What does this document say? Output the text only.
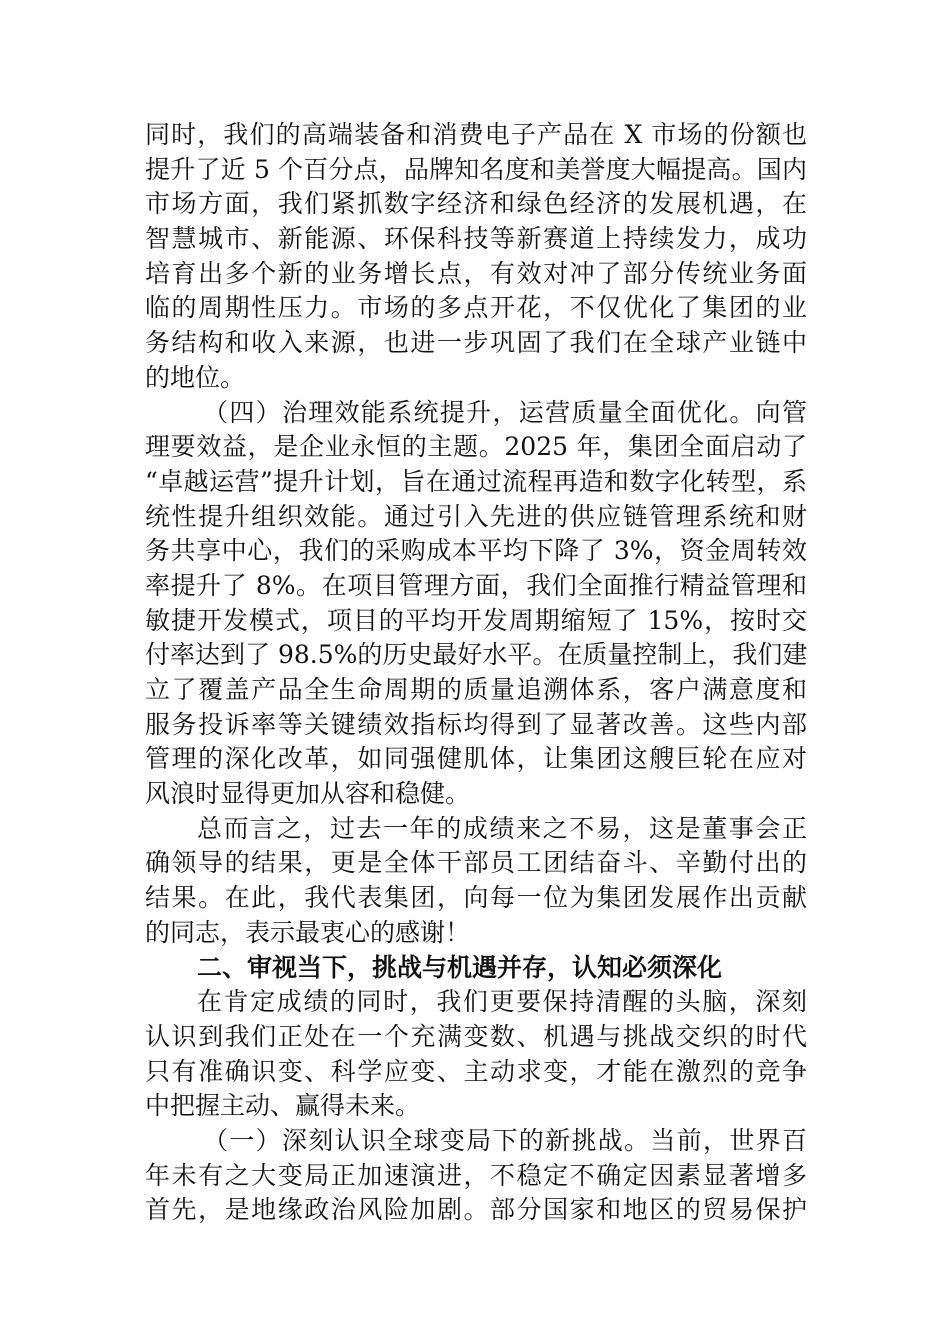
同时，我们的高端装备和消费电子产品在 X 市场的份额也
提升了近 5 个百分点，品牌知名度和美誉度大幅提高。国内
市场方面，我们紧抓数字经济和绿色经济的发展机遇，在
智慧城市、新能源、环保科技等新赛道上持续发力，成功
培育出多个新的业务增长点，有效对冲了部分传统业务面
临的周期性压力。市场的多点开花，不仅优化了集团的业
务结构和收入来源，也进一步巩固了我们在全球产业链中
的地位。
（四）治理效能系统提升，运营质量全面优化。向管
理要效益，是企业永恒的主题。2025 年，集团全面启动了
“卓越运营”提升计划，旨在通过流程再造和数字化转型，系
统性提升组织效能。通过引入先进的供应链管理系统和财
务共享中心，我们的采购成本平均下降了 3%，资金周转效
率提升了 8%。在项目管理方面，我们全面推行精益管理和
敏捷开发模式，项目的平均开发周期缩短了 15%，按时交
付率达到了 98.5%的历史最好水平。在质量控制上，我们建
立了覆盖产品全生命周期的质量追溯体系，客户满意度和
服务投诉率等关键绩效指标均得到了显著改善。这些内部
管理的深化改革，如同强健肌体，让集团这艘巨轮在应对
风浪时显得更加从容和稳健。
总而言之，过去一年的成绩来之不易，这是董事会正
确领导的结果，更是全体干部员工团结奋斗、辛勤付出的
结果。在此，我代表集团，向每一位为集团发展作出贡献
的同志，表示最衷心的感谢！
二、审视当下，挑战与机遇并存，认知必须深化
在肯定成绩的同时，我们更要保持清醒的头脑，深刻
认识到我们正处在一个充满变数、机遇与挑战交织的时代
只有准确识变、科学应变、主动求变，才能在激烈的竞争
中把握主动、赢得未来。
（一）深刻认识全球变局下的新挑战。当前，世界百
年未有之大变局正加速演进，不稳定不确定因素显著增多
首先，是地缘政治风险加剧。部分国家和地区的贸易保护
